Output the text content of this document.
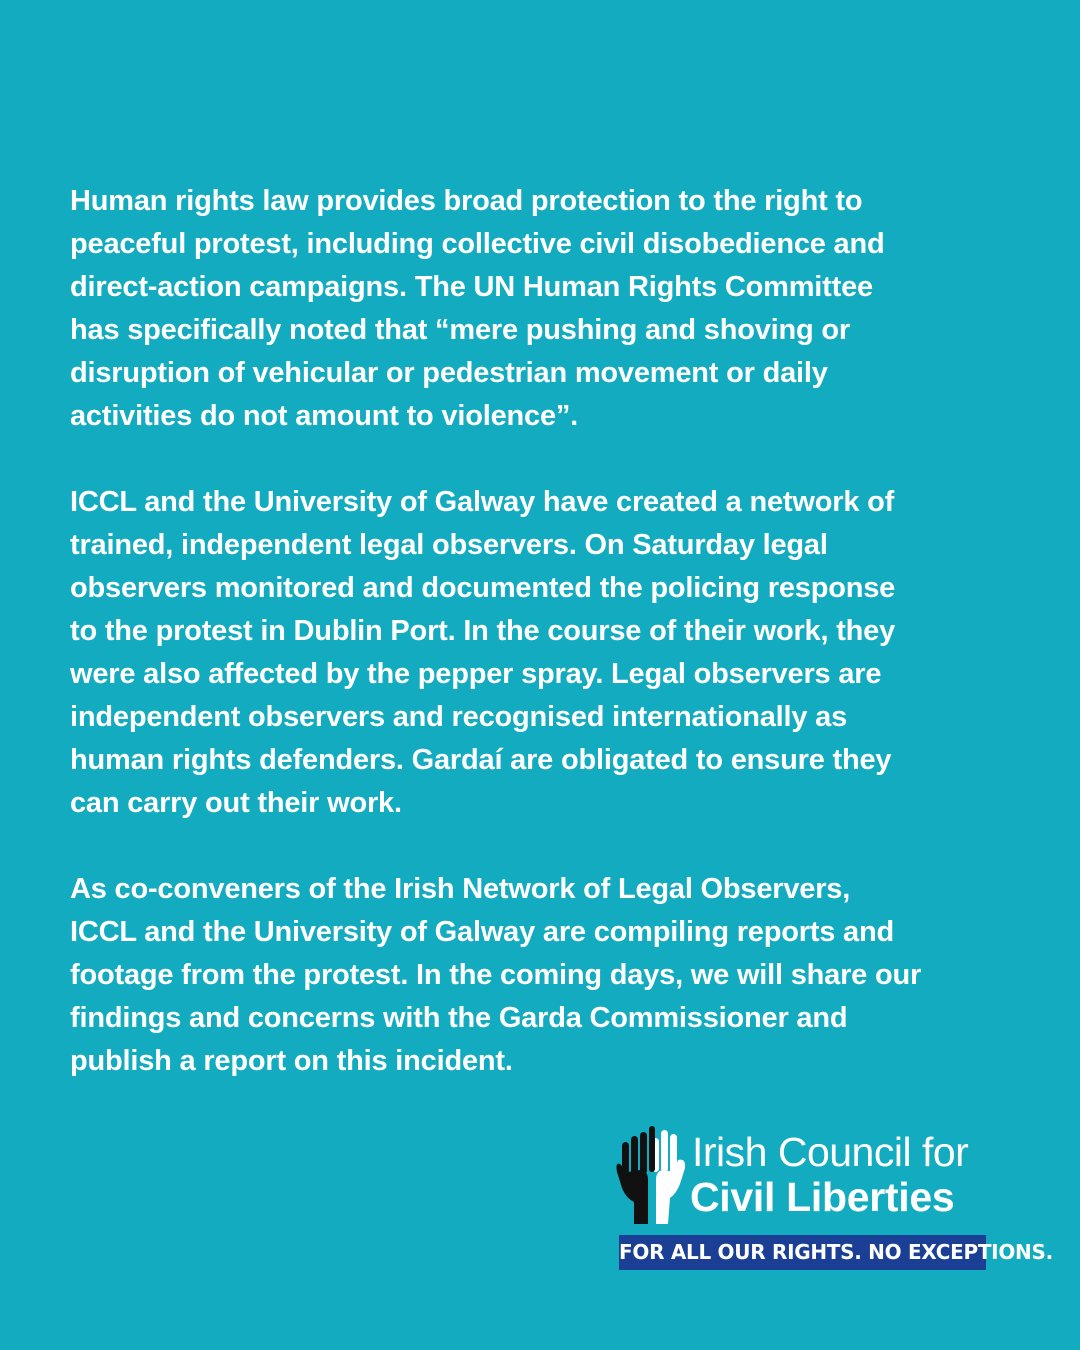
Human rights law provides broad protection to the right to
peaceful protest, including collective civil disobedience and
direct-action campaigns. The UN Human Rights Committee
has specifically noted that “mere pushing and shoving or
disruption of vehicular or pedestrian movement or daily
activities do not amount to violence”.

ICCL and the University of Galway have created a network of
trained, independent legal observers. On Saturday legal
observers monitored and documented the policing response
to the protest in Dublin Port. In the course of their work, they
were also affected by the pepper spray. Legal observers are
independent observers and recognised internationally as
human rights defenders. Gardaí are obligated to ensure they
can carry out their work.

As co-conveners of the Irish Network of Legal Observers,
ICCL and the University of Galway are compiling reports and
footage from the protest. In the coming days, we will share our
findings and concerns with the Garda Commissioner and
publish a report on this incident.

Irish Council for
Civil Liberties
FOR ALL OUR RIGHTS. NO EXCEPTIONS.
